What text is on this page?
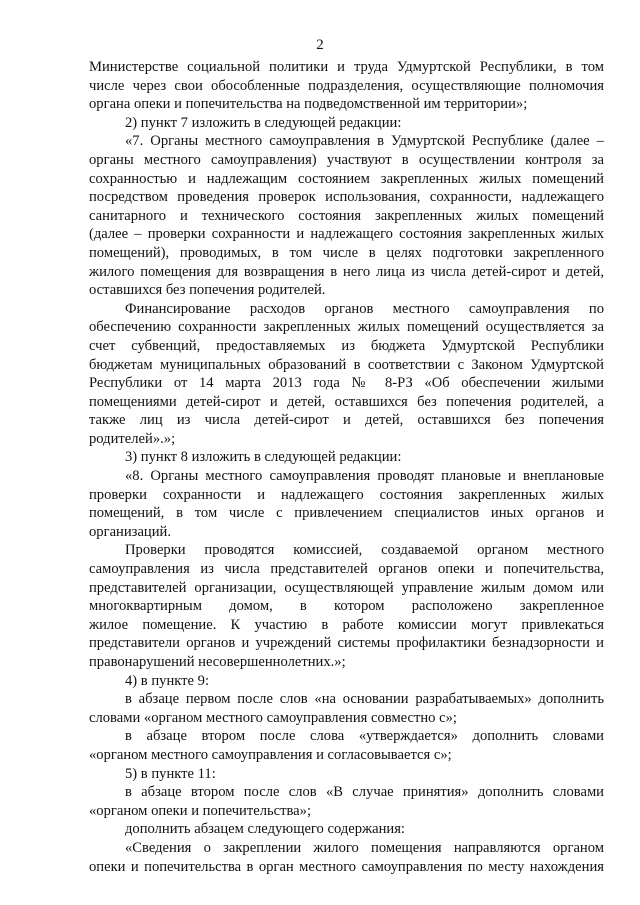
2
Министерстве социальной политики и труда Удмуртской Республики, в том
числе через свои обособленные подразделения, осуществляющие полномочия
органа опеки и попечительства на подведомственной им территории»;
2) пункт 7 изложить в следующей редакции:
«7. Органы местного самоуправления в Удмуртской Республике (далее –
органы местного самоуправления) участвуют в осуществлении контроля за
сохранностью и надлежащим состоянием закрепленных жилых помещений
посредством проведения проверок использования, сохранности, надлежащего
санитарного и технического состояния закрепленных жилых помещений
(далее – проверки сохранности и надлежащего состояния закрепленных жилых
помещений), проводимых, в том числе в целях подготовки закрепленного
жилого помещения для возвращения в него лица из числа детей-сирот и детей,
оставшихся без попечения родителей.
Финансирование расходов органов местного самоуправления по
обеспечению сохранности закрепленных жилых помещений осуществляется за
счет субвенций, предоставляемых из бюджета Удмуртской Республики
бюджетам муниципальных образований в соответствии с Законом Удмуртской
Республики от 14 марта 2013 года № 8-РЗ «Об обеспечении жилыми
помещениями детей-сирот и детей, оставшихся без попечения родителей, а
также лиц из числа детей-сирот и детей, оставшихся без попечения
родителей».»;
3) пункт 8 изложить в следующей редакции:
«8. Органы местного самоуправления проводят плановые и внеплановые
проверки сохранности и надлежащего состояния закрепленных жилых
помещений, в том числе с привлечением специалистов иных органов и
организаций.
Проверки проводятся комиссией, создаваемой органом местного
самоуправления из числа представителей органов опеки и попечительства,
представителей организации, осуществляющей управление жилым домом или
многоквартирным домом, в котором расположено закрепленное
жилое помещение. К участию в работе комиссии могут привлекаться
представители органов и учреждений системы профилактики безнадзорности и
правонарушений несовершеннолетних.»;
4) в пункте 9:
в абзаце первом после слов «на основании разрабатываемых» дополнить
словами «органом местного самоуправления совместно с»;
в абзаце втором после слова «утверждается» дополнить словами
«органом местного самоуправления и согласовывается с»;
5) в пункте 11:
в абзаце втором после слов «В случае принятия» дополнить словами
«органом опеки и попечительства»;
дополнить абзацем следующего содержания:
«Сведения о закреплении жилого помещения направляются органом
опеки и попечительства в орган местного самоуправления по месту нахождения
